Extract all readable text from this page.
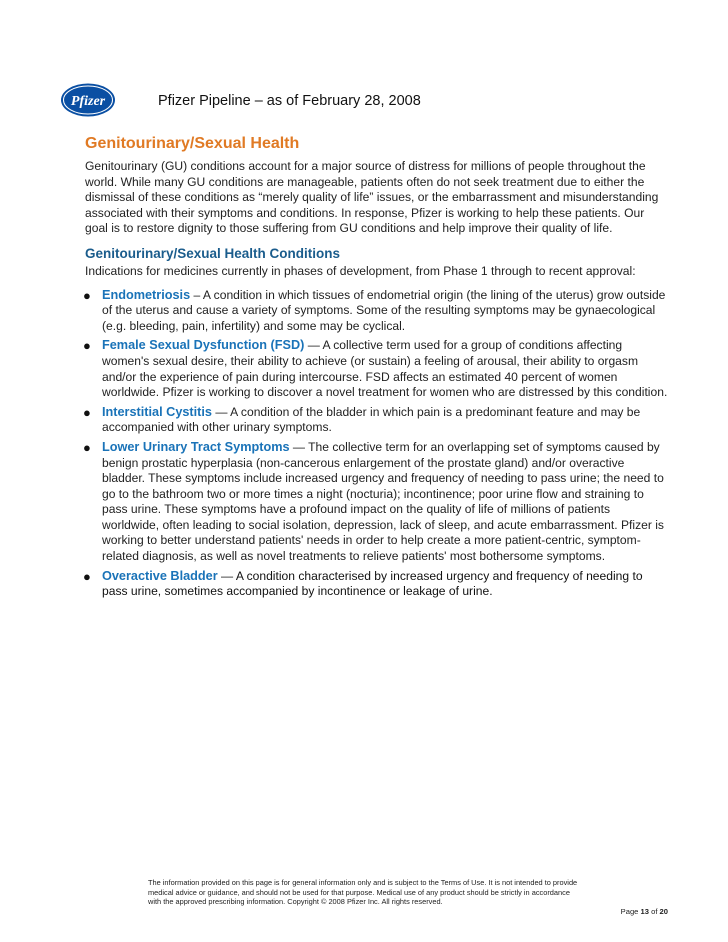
Pfizer	Pfizer Pipeline – as of February 28, 2008
Genitourinary/Sexual Health

Genitourinary (GU) conditions account for a major source of distress for millions of people throughout the world. While many GU conditions are manageable, patients often do not seek treatment due to either the dismissal of these conditions as “merely quality of life” issues, or the embarrassment and misunderstanding associated with their symptoms and conditions. In response, Pfizer is working to help these patients. Our goal is to restore dignity to those suffering from GU conditions and help improve their quality of life.

Genitourinary/Sexual Health Conditions

Indications for medicines currently in phases of development, from Phase 1 through to recent approval:

● Endometriosis – A condition in which tissues of endometrial origin (the lining of the uterus) grow outside of the uterus and cause a variety of symptoms. Some of the resulting symptoms may be gynaecological (e.g. bleeding, pain, infertility) and some may be cyclical.
● Female Sexual Dysfunction (FSD) — A collective term used for a group of conditions affecting women's sexual desire, their ability to achieve (or sustain) a feeling of arousal, their ability to orgasm and/or the experience of pain during intercourse. FSD affects an estimated 40 percent of women worldwide. Pfizer is working to discover a novel treatment for women who are distressed by this condition.
● Interstitial Cystitis — A condition of the bladder in which pain is a predominant feature and may be accompanied with other urinary symptoms.
● Lower Urinary Tract Symptoms — The collective term for an overlapping set of symptoms caused by benign prostatic hyperplasia (non-cancerous enlargement of the prostate gland) and/or overactive bladder. These symptoms include increased urgency and frequency of needing to pass urine; the need to go to the bathroom two or more times a night (nocturia); incontinence; poor urine flow and straining to pass urine. These symptoms have a profound impact on the quality of life of millions of patients worldwide, often leading to social isolation, depression, lack of sleep, and acute embarrassment. Pfizer is working to better understand patients' needs in order to help create a more patient-centric, symptom-related diagnosis, as well as novel treatments to relieve patients' most bothersome symptoms.
● Overactive Bladder — A condition characterised by increased urgency and frequency of needing to pass urine, sometimes accompanied by incontinence or leakage of urine.
The information provided on this page is for general information only and is subject to the Terms of Use. It is not intended to provide medical advice or guidance, and should not be used for that purpose. Medical use of any product should be strictly in accordance with the approved prescribing information. Copyright © 2008 Pfizer Inc. All rights reserved.
Page 13 of 20
